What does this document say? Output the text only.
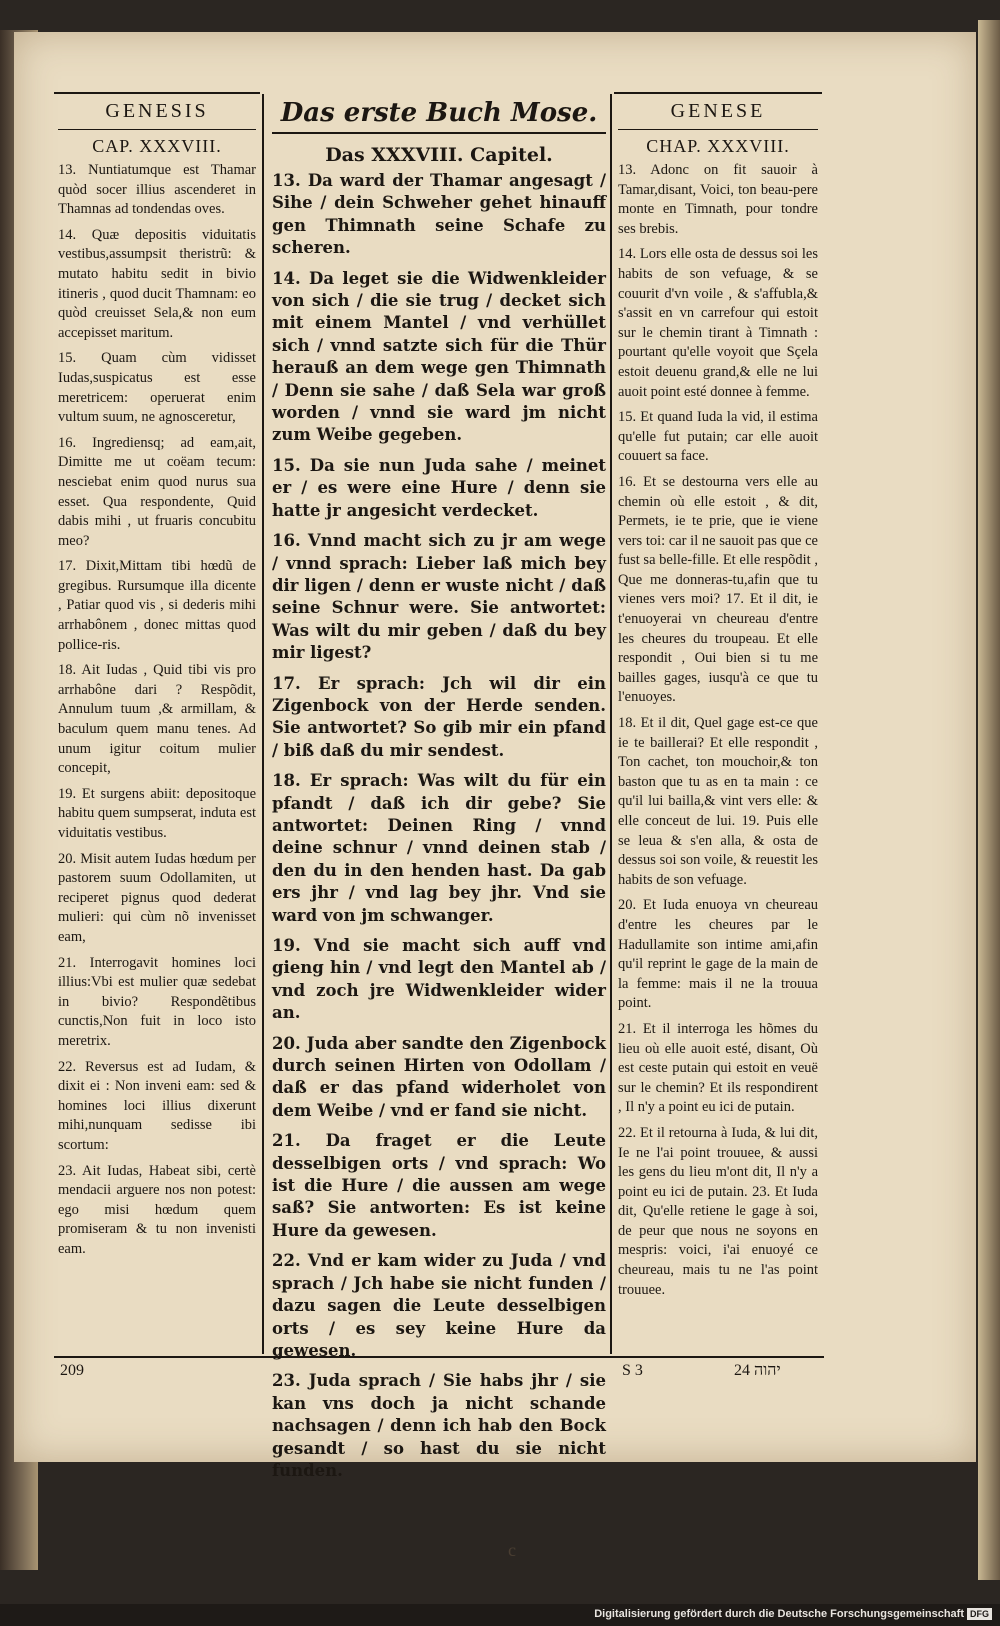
GENESIS
CAP. XXXVIII.

13. Nuntiatumque est Thamar quòd socer illius ascenderet in Thamnas ad tondendas oves.

14. Quæ depositis viduitatis vestibus,assumpsit theristrũ: & mutato habitu sedit in bivio itineris , quod ducit Thamnam: eo quòd creuisset Sela,& non eum accepisset maritum.

15. Quam cùm vidisset Iudas,suspicatus est esse meretricem: operuerat enim vultum suum, ne agnosceretur,

16. Ingrediensq; ad eam,ait, Dimitte me ut coëam tecum: nesciebat enim quod nurus sua esset. Qua respondente, Quid dabis mihi , ut fruaris concubitu meo?

17. Dixit,Mittam tibi hœdũ de gregibus. Rursumque illa dicente , Patiar quod vis , si dederis mihi arrhabônem , donec mittas quod pollice-ris.

18. Ait Iudas , Quid tibi vis pro arrhabône dari ? Respõdit, Annulum tuum ,& armillam, & baculum quem manu tenes. Ad unum igitur coitum mulier concepit,

19. Et surgens abiit: depositoque habitu quem sumpserat, induta est viduitatis vestibus.

20. Misit autem Iudas hœdum per pastorem suum Odollamiten, ut reciperet pignus quod dederat mulieri: qui cùm nõ invenisset eam,

21. Interrogavit homines loci illius:Vbi est mulier quæ sedebat in bivio? Respondẽtibus cunctis,Non fuit in loco isto meretrix.

22. Reversus est ad Iudam, & dixit ei : Non inveni eam: sed & homines loci illius dixerunt mihi,nunquam sedisse ibi scortum:

23. Ait Iudas, Habeat sibi, certè mendacii arguere nos non potest: ego misi hœdum quem promiseram & tu non invenisti eam.

Das erste Buch Mose.
Das XXXVIII. Capitel.

13. Da ward der Thamar angesagt / Sihe / dein Schweher gehet hinauff gen Thimnath seine Schafe zu scheren.

14. Da leget sie die Widwenkleider von sich / die sie trug / decket sich mit einem Mantel / vnd verhüllet sich / vnnd satzte sich für die Thür herauß an dem wege gen Thimnath / Denn sie sahe / daß Sela war groß worden / vnnd sie ward jm nicht zum Weibe gegeben.

15. Da sie nun Juda sahe / meinet er / es were eine Hure / denn sie hatte jr angesicht verdecket.

16. Vnnd macht sich zu jr am wege / vnnd sprach: Lieber laß mich bey dir ligen / denn er wuste nicht / daß seine Schnur were. Sie antwortet: Was wilt du mir geben / daß du bey mir ligest?

17. Er sprach: Jch wil dir ein Zigenbock von der Herde senden. Sie antwortet? So gib mir ein pfand / biß daß du mir sendest.

18. Er sprach: Was wilt du für ein pfandt / daß ich dir gebe? Sie antwortet: Deinen Ring / vnnd deine schnur / vnnd deinen stab / den du in den henden hast. Da gab ers jhr / vnd lag bey jhr. Vnd sie ward von jm schwanger.

19. Vnd sie macht sich auff vnd gieng hin / vnd legt den Mantel ab / vnd zoch jre Widwenkleider wider an.

20. Juda aber sandte den Zigenbock durch seinen Hirten von Odollam / daß er das pfand widerholet von dem Weibe / vnd er fand sie nicht.

21. Da fraget er die Leute desselbigen orts / vnd sprach: Wo ist die Hure / die aussen am wege saß? Sie antworten: Es ist keine Hure da gewesen.

22. Vnd er kam wider zu Juda / vnd sprach / Jch habe sie nicht funden / dazu sagen die Leute desselbigen orts / es sey keine Hure da gewesen.

23. Juda sprach / Sie habs jhr / sie kan vns doch ja nicht schande nachsagen / denn ich hab den Bock gesandt / so hast du sie nicht funden.

GENESE
CHAP. XXXVIII.

13. Adonc on fit sauoir à Tamar,disant, Voici, ton beau-pere monte en Timnath, pour tondre ses brebis.

14. Lors elle osta de dessus soi les habits de son vefuage, & se couurit d'vn voile , & s'affubla,& s'assit en vn carrefour qui estoit sur le chemin tirant à Timnath : pourtant qu'elle voyoit que Sçela estoit deuenu grand,& elle ne lui auoit point esté donnee à femme.

15. Et quand Iuda la vid, il estima qu'elle fut putain; car elle auoit couuert sa face.

16. Et se destourna vers elle au chemin où elle estoit , & dit, Permets, ie te prie, que ie viene vers toi: car il ne sauoit pas que ce fust sa belle-fille. Et elle respõdit , Que me donneras-tu,afin que tu vienes vers moi? 17. Et il dit, ie t'enuoyerai vn cheureau d'entre les cheures du troupeau. Et elle respondit , Oui bien si tu me bailles gages, iusqu'à ce que tu l'enuoyes.

18. Et il dit, Quel gage est-ce que ie te baillerai? Et elle respondit , Ton cachet, ton mouchoir,& ton baston que tu as en ta main : ce qu'il lui bailla,& vint vers elle: & elle conceut de lui. 19. Puis elle se leua & s'en alla, & osta de dessus soi son voile, & reuestit les habits de son vefuage.

20. Et Iuda enuoya vn cheureau d'entre les cheures par le Hadullamite son intime ami,afin qu'il reprint le gage de la main de la femme: mais il ne la trouua point.

21. Et il interroga les hõmes du lieu où elle auoit esté, disant, Où est ceste putain qui estoit en veuë sur le chemin? Et ils respondirent , Il n'y a point eu ici de putain.

22. Et il retourna à Iuda, & lui dit, Ie ne l'ai point trouuee, & aussi les gens du lieu m'ont dit, Il n'y a point eu ici de putain. 23. Et Iuda dit, Qu'elle retiene le gage à soi, de peur que nous ne soyons en mespris: voici, i'ai enuoyé ce cheureau, mais tu ne l'as point trouuee.

209	S 3	יהוה 24
c
Digitalisierung gefördert durch die Deutsche Forschungsgemeinschaft DFG
